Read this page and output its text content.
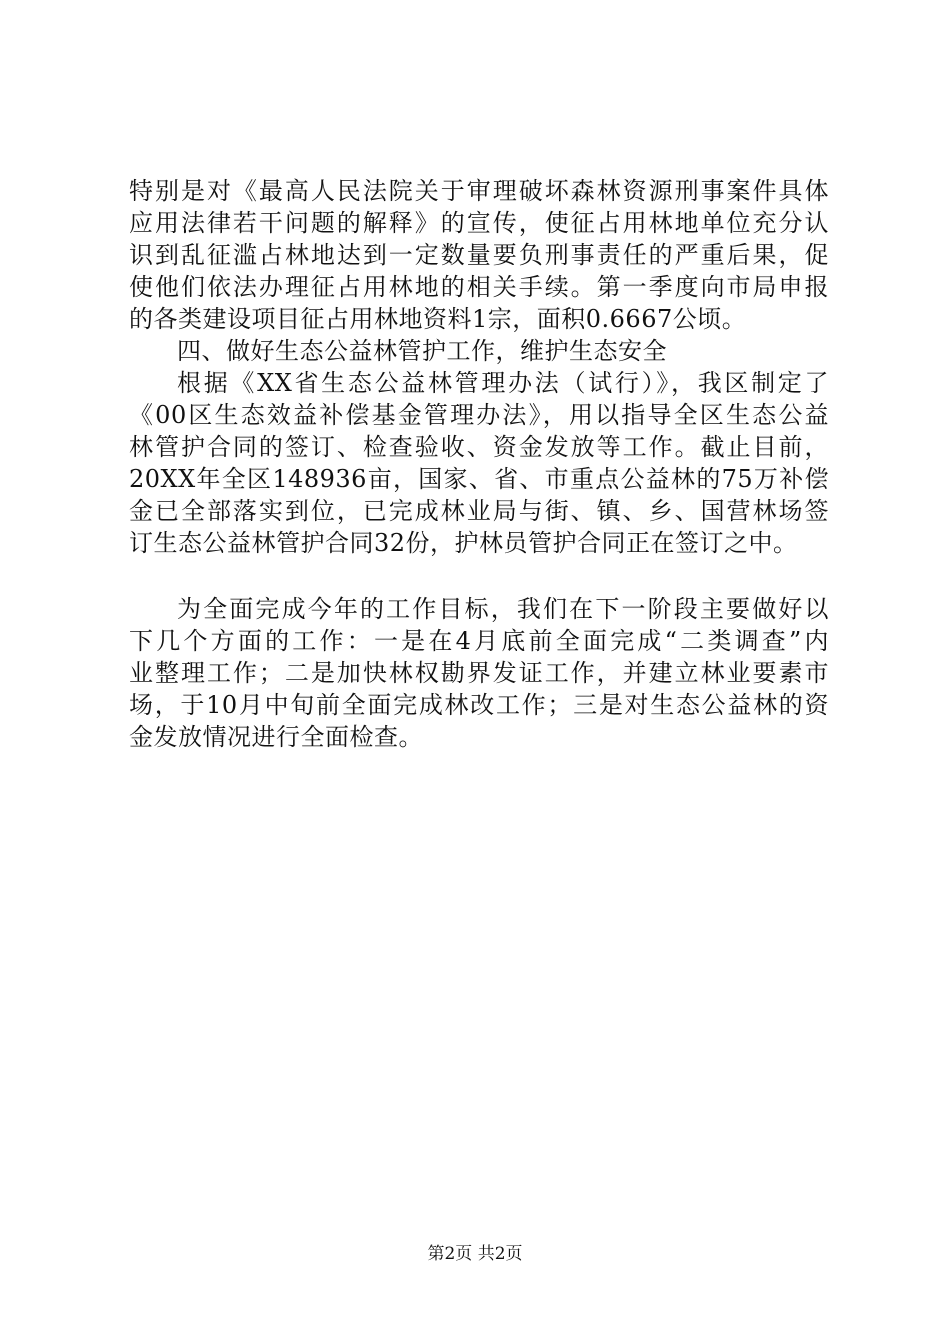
特别是对《最高人民法院关于审理破坏森林资源刑事案件具体
应用法律若干问题的解释》的宣传，使征占用林地单位充分认
识到乱征滥占林地达到一定数量要负刑事责任的严重后果，促
使他们依法办理征占用林地的相关手续。第一季度向市局申报
的各类建设项目征占用林地资料1宗，面积0.6667公顷。
四、做好生态公益林管护工作，维护生态安全
根据《XX省生态公益林管理办法（试行）》，我区制定了
《00区生态效益补偿基金管理办法》，用以指导全区生态公益
林管护合同的签订、检查验收、资金发放等工作。截止目前，
20XX年全区148936亩，国家、省、市重点公益林的75万补偿
金已全部落实到位，已完成林业局与街、镇、乡、国营林场签
订生态公益林管护合同32份，护林员管护合同正在签订之中。
为全面完成今年的工作目标，我们在下一阶段主要做好以
下几个方面的工作：一是在4月底前全面完成“二类调查”内
业整理工作；二是加快林权勘界发证工作，并建立林业要素市
场，于10月中旬前全面完成林改工作；三是对生态公益林的资
金发放情况进行全面检查。
第2页 共2页
